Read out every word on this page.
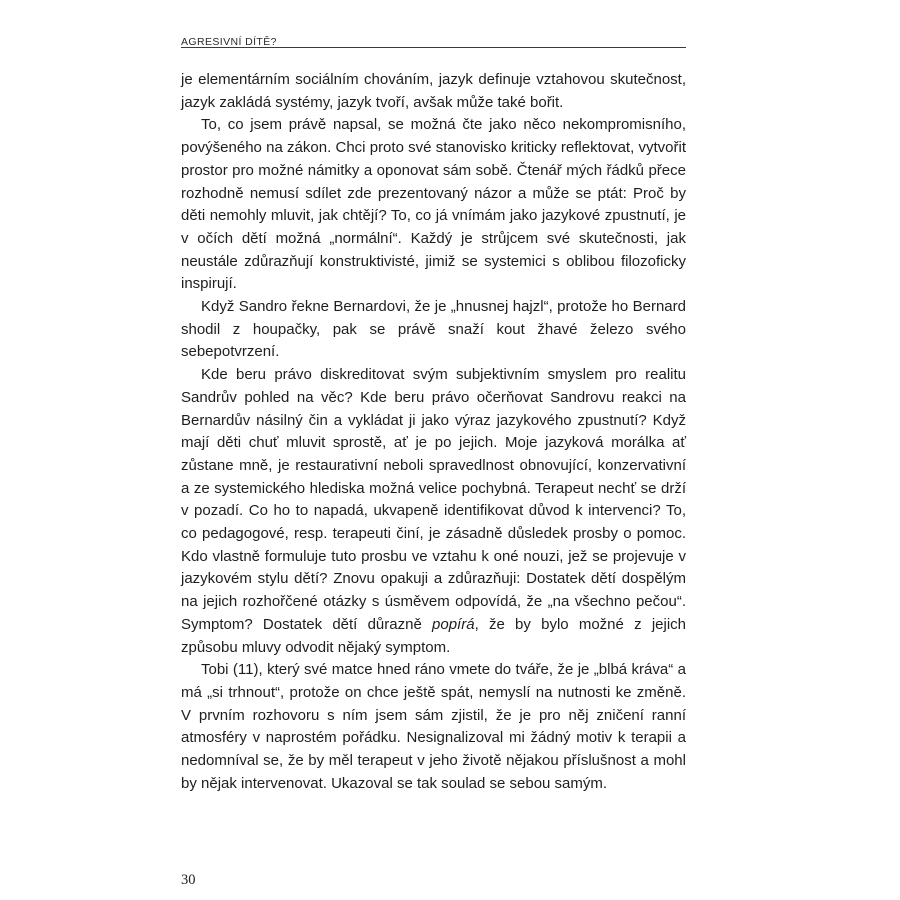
AGRESIVNÍ DÍTĚ?

je elementárním sociálním chováním, jazyk definuje vztahovou skutečnost, jazyk zakládá systémy, jazyk tvoří, avšak může také bořit.

To, co jsem právě napsal, se možná čte jako něco nekompromisního, povýšeného na zákon. Chci proto své stanovisko kriticky reflektovat, vytvořit prostor pro možné námitky a oponovat sám sobě. Čtenář mých řádků přece rozhodně nemusí sdílet zde prezentovaný názor a může se ptát: Proč by děti nemohly mluvit, jak chtějí? To, co já vnímám jako jazykové zpustnutí, je v očích dětí možná „normální“. Každý je strůjcem své skutečnosti, jak neustále zdůrazňují konstruktivisté, jimiž se systemici s oblibou filozoficky inspirují.

Když Sandro řekne Bernardovi, že je „hnusnej hajzl“, protože ho Bernard shodil z houpačky, pak se právě snaží kout žhavé železo svého sebepotvrzení.

Kde beru právo diskreditovat svým subjektivním smyslem pro realitu Sandrův pohled na věc? Kde beru právo očerňovat Sandrovu reakci na Bernardův násilný čin a vykládat ji jako výraz jazykového zpustnutí? Když mají děti chuť mluvit sprostě, ať je po jejich. Moje jazyková morálka ať zůstane mně, je restaurativní neboli spravedlnost obnovující, konzervativní a ze systemického hlediska možná velice pochybná. Terapeut nechť se drží v pozadí. Co ho to napadá, ukvapeně identifikovat důvod k intervenci? To, co pedagogové, resp. terapeuti činí, je zásadně důsledek prosby o pomoc. Kdo vlastně formuluje tuto prosbu ve vztahu k oné nouzi, jež se projevuje v jazykovém stylu dětí? Znovu opakuji a zdůrazňuji: Dostatek dětí dospělým na jejich rozhořčené otázky s úsměvem odpovídá, že „na všechno pečou“. Symptom? Dostatek dětí důrazně popírá, že by bylo možné z jejich způsobu mluvy odvodit nějaký symptom.

Tobi (11), který své matce hned ráno vmete do tváře, že je „blbá kráva“ a má „si trhnout“, protože on chce ještě spát, nemyslí na nutnosti ke změně. V prvním rozhovoru s ním jsem sám zjistil, že je pro něj zničení ranní atmosféry v naprostém pořádku. Nesignalizoval mi žádný motiv k terapii a nedomníval se, že by měl terapeut v jeho životě nějakou příslušnost a mohl by nějak intervenovat. Ukazoval se tak soulad se sebou samým.

30
